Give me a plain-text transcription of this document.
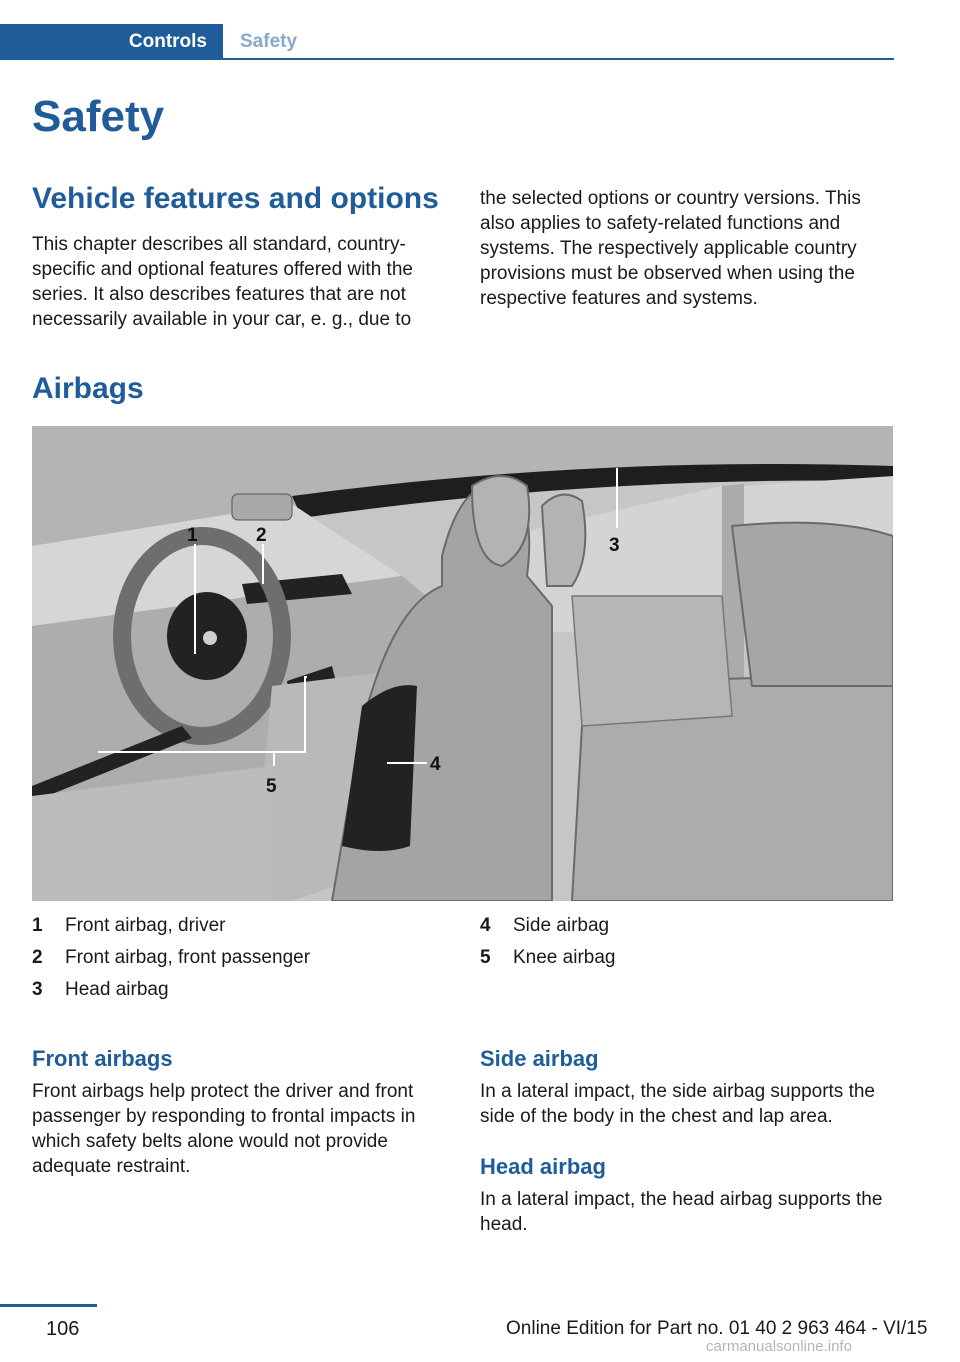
Controls	Safety
Safety
Vehicle features and options

This chapter describes all standard, country-specific and optional features offered with the series. It also describes features that are not necessarily available in your car, e. g., due to

the selected options or country versions. This also applies to safety-related functions and systems. The respectively applicable country provisions must be observed when using the respective features and systems.

Airbags
1	2	3
4
5
1	Front airbag, driver
2	Front airbag, front passenger
3	Head airbag
4	Side airbag
5	Knee airbag
Front airbags

Front airbags help protect the driver and front passenger by responding to frontal impacts in which safety belts alone would not provide adequate restraint.

Side airbag

In a lateral impact, the side airbag supports the side of the body in the chest and lap area.

Head airbag

In a lateral impact, the head airbag supports the head.

106	Online Edition for Part no. 01 40 2 963 464 - VI/15
carmanualsonline.info
